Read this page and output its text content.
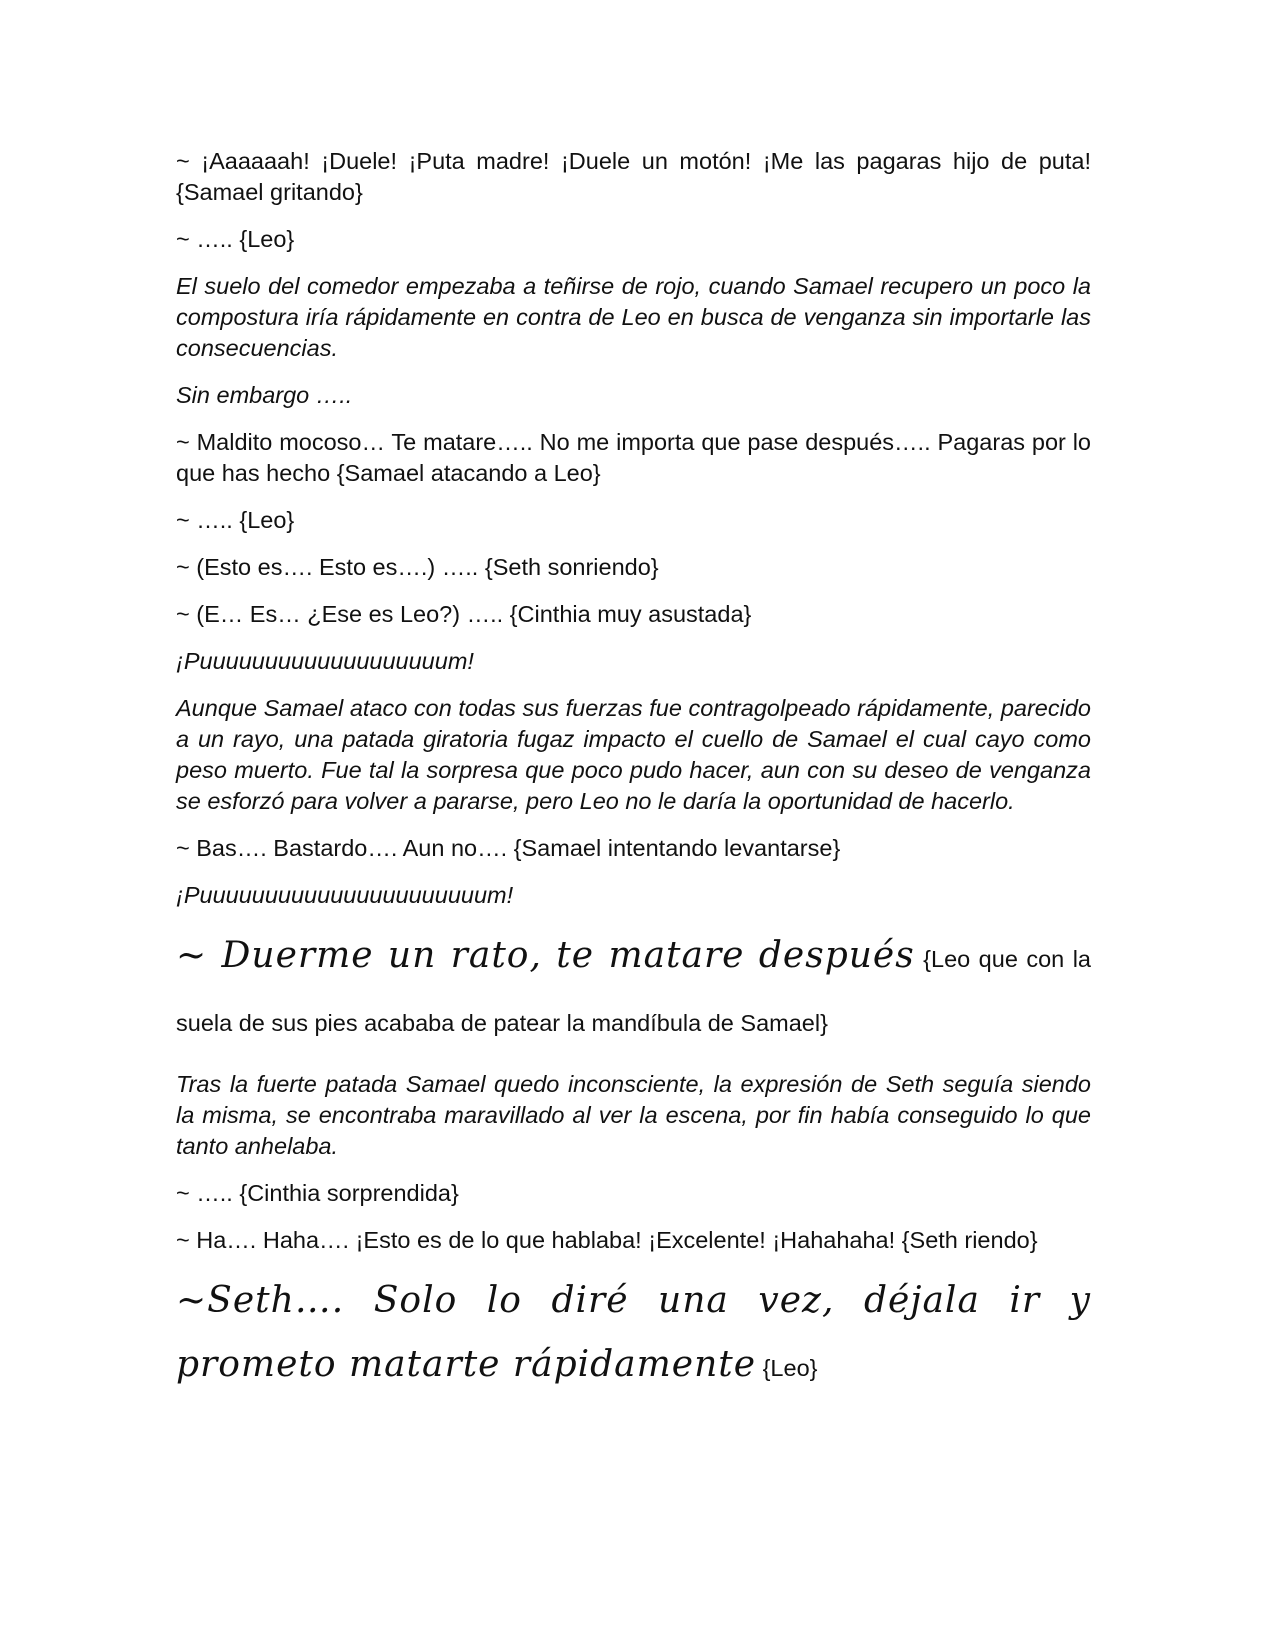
~ ¡Aaaaaah! ¡Duele! ¡Puta madre! ¡Duele un motón! ¡Me las pagaras hijo de puta! {Samael gritando}

~ ….. {Leo}

El suelo del comedor empezaba a teñirse de rojo, cuando Samael recupero un poco la compostura iría rápidamente en contra de Leo en busca de venganza sin importarle las consecuencias.

Sin embargo …..

~ Maldito mocoso… Te matare….. No me importa que pase después….. Pagaras por lo que has hecho {Samael atacando a Leo}

~ ….. {Leo}

~ (Esto es…. Esto es….) ….. {Seth sonriendo}

~ (E… Es… ¿Ese es Leo?) ….. {Cinthia muy asustada}

¡Puuuuuuuuuuuuuuuuuuum!

Aunque Samael ataco con todas sus fuerzas fue contragolpeado rápidamente, parecido a un rayo, una patada giratoria fugaz impacto el cuello de Samael el cual cayo como peso muerto. Fue tal la sorpresa que poco pudo hacer, aun con su deseo de venganza se esforzó para volver a pararse, pero Leo no le daría la oportunidad de hacerlo.

~ Bas…. Bastardo…. Aun no…. {Samael intentando levantarse}

¡Puuuuuuuuuuuuuuuuuuuuuum!

~ Duerme un rato, te matare después {Leo que con la suela de sus pies acababa de patear la mandíbula de Samael}

Tras la fuerte patada Samael quedo inconsciente, la expresión de Seth seguía siendo la misma, se encontraba maravillado al ver la escena, por fin había conseguido lo que tanto anhelaba.

~ ….. {Cinthia sorprendida}

~ Ha…. Haha…. ¡Esto es de lo que hablaba! ¡Excelente! ¡Hahahaha! {Seth riendo}

~Seth…. Solo lo diré una vez, déjala ir y prometo matarte rápidamente {Leo}
